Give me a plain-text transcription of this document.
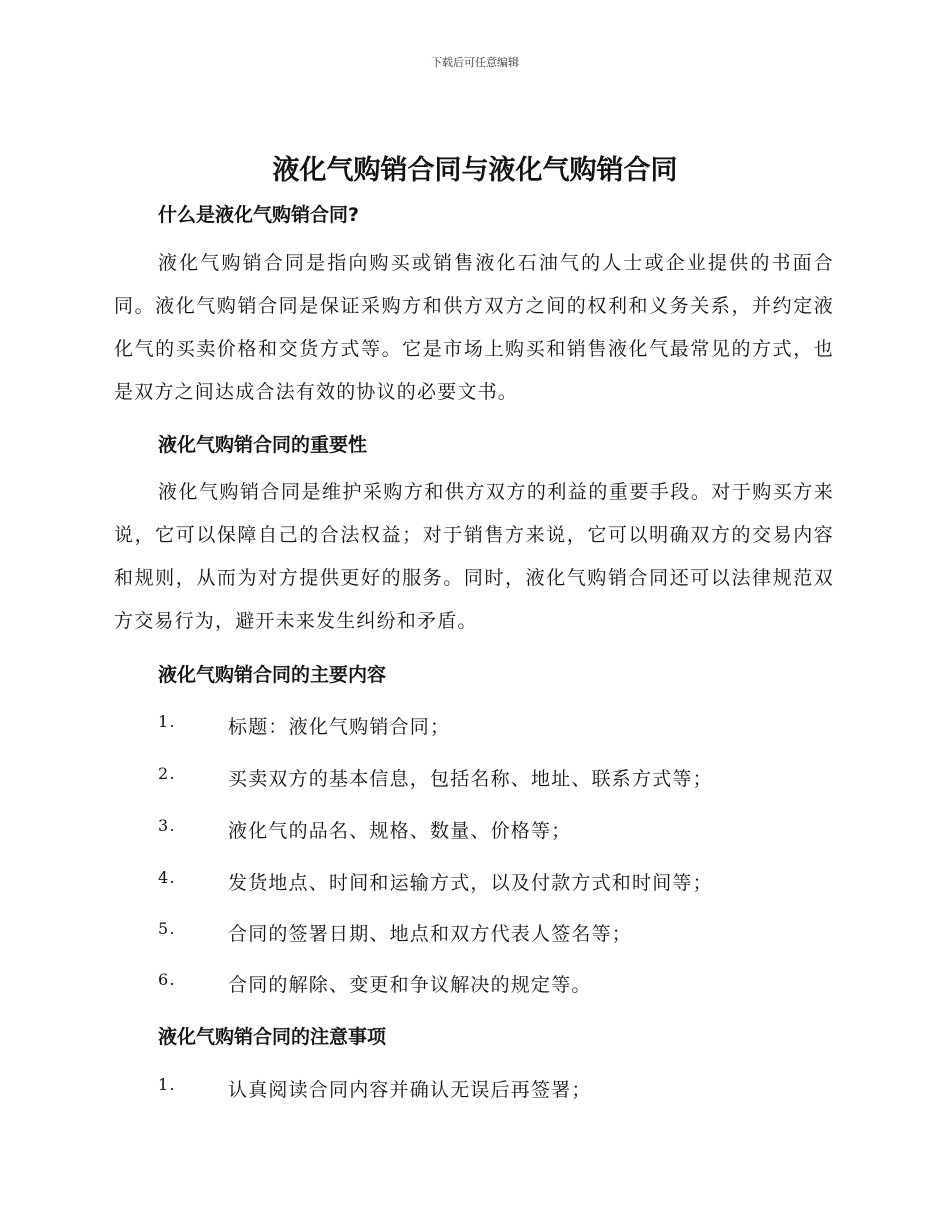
下载后可任意编辑
液化气购销合同与液化气购销合同
什么是液化气购销合同?
液化气购销合同是指向购买或销售液化石油气的人士或企业提供的书面合同。液化气购销合同是保证采购方和供方双方之间的权利和义务关系，并约定液化气的买卖价格和交货方式等。它是市场上购买和销售液化气最常见的方式，也是双方之间达成合法有效的协议的必要文书。
液化气购销合同的重要性
液化气购销合同是维护采购方和供方双方的利益的重要手段。对于购买方来说，它可以保障自己的合法权益；对于销售方来说，它可以明确双方的交易内容和规则，从而为对方提供更好的服务。同时，液化气购销合同还可以法律规范双方交易行为，避开未来发生纠纷和矛盾。
液化气购销合同的主要内容
1.	标题：液化气购销合同；
2.	买卖双方的基本信息，包括名称、地址、联系方式等；
3.	液化气的品名、规格、数量、价格等；
4.	发货地点、时间和运输方式，以及付款方式和时间等；
5.	合同的签署日期、地点和双方代表人签名等；
6.	合同的解除、变更和争议解决的规定等。
液化气购销合同的注意事项
1.	认真阅读合同内容并确认无误后再签署；
